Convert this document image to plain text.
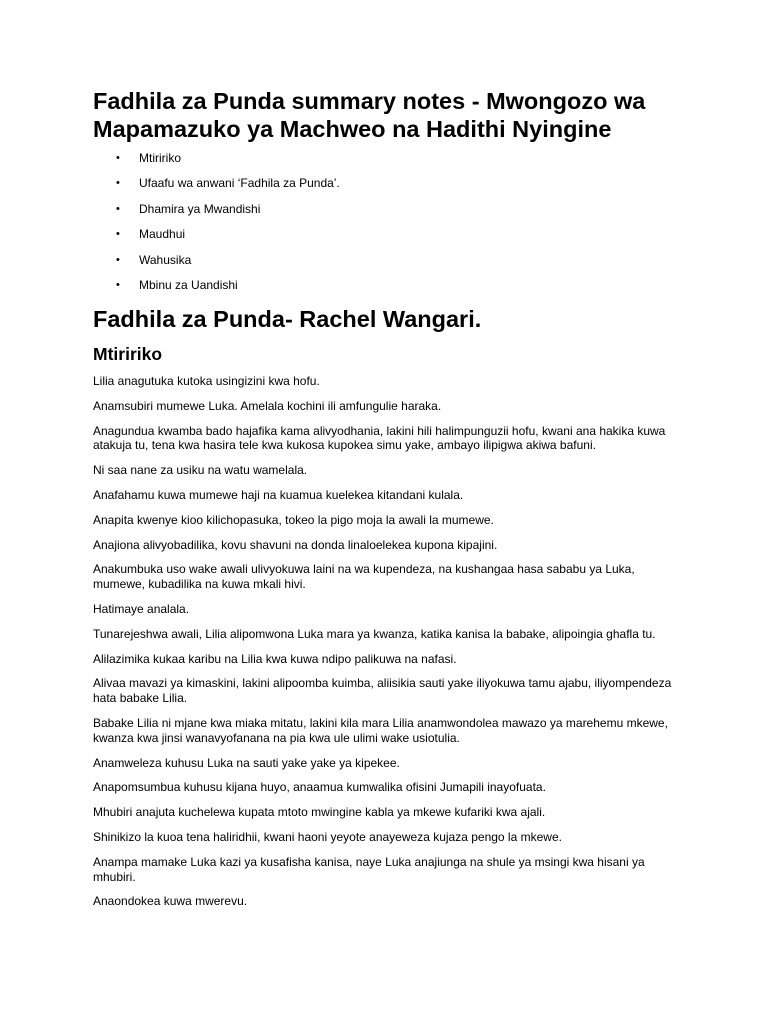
Fadhila za Punda summary notes - Mwongozo wa Mapamazuko ya Machweo na Hadithi Nyingine
• Mtiririko
• Ufaafu wa anwani ‘Fadhila za Punda’.
• Dhamira ya Mwandishi
• Maudhui
• Wahusika
• Mbinu za Uandishi
Fadhila za Punda- Rachel Wangari.
Mtiririko

Lilia anagutuka kutoka usingizini kwa hofu.

Anamsubiri mumewe Luka. Amelala kochini ili amfungulie haraka.

Anagundua kwamba bado hajafika kama alivyodhania, lakini hili halimpunguzii hofu, kwani ana hakika kuwa atakuja tu, tena kwa hasira tele kwa kukosa kupokea simu yake, ambayo ilipigwa akiwa bafuni.

Ni saa nane za usiku na watu wamelala.

Anafahamu kuwa mumewe haji na kuamua kuelekea kitandani kulala.

Anapita kwenye kioo kilichopasuka, tokeo la pigo moja la awali la mumewe.

Anajiona alivyobadilika, kovu shavuni na donda linaloelekea kupona kipajini.

Anakumbuka uso wake awali ulivyokuwa laini na wa kupendeza, na kushangaa hasa sababu ya Luka, mumewe, kubadilika na kuwa mkali hivi.

Hatimaye analala.

Tunarejeshwa awali, Lilia alipomwona Luka mara ya kwanza, katika kanisa la babake, alipoingia ghafla tu.

Alilazimika kukaa karibu na Lilia kwa kuwa ndipo palikuwa na nafasi.

Alivaa mavazi ya kimaskini, lakini alipoomba kuimba, aliisikia sauti yake iliyokuwa tamu ajabu, iliyompendeza hata babake Lilia.

Babake Lilia ni mjane kwa miaka mitatu, lakini kila mara Lilia anamwondolea mawazo ya marehemu mkewe, kwanza kwa jinsi wanavyofanana na pia kwa ule ulimi wake usiotulia.

Anamweleza kuhusu Luka na sauti yake yake ya kipekee.

Anapomsumbua kuhusu kijana huyo, anaamua kumwalika ofisini Jumapili inayofuata.

Mhubiri anajuta kuchelewa kupata mtoto mwingine kabla ya mkewe kufariki kwa ajali.

Shinikizo la kuoa tena haliridhii, kwani haoni yeyote anayeweza kujaza pengo la mkewe.

Anampa mamake Luka kazi ya kusafisha kanisa, naye Luka anajiunga na shule ya msingi kwa hisani ya mhubiri.

Anaondokea kuwa mwerevu.
